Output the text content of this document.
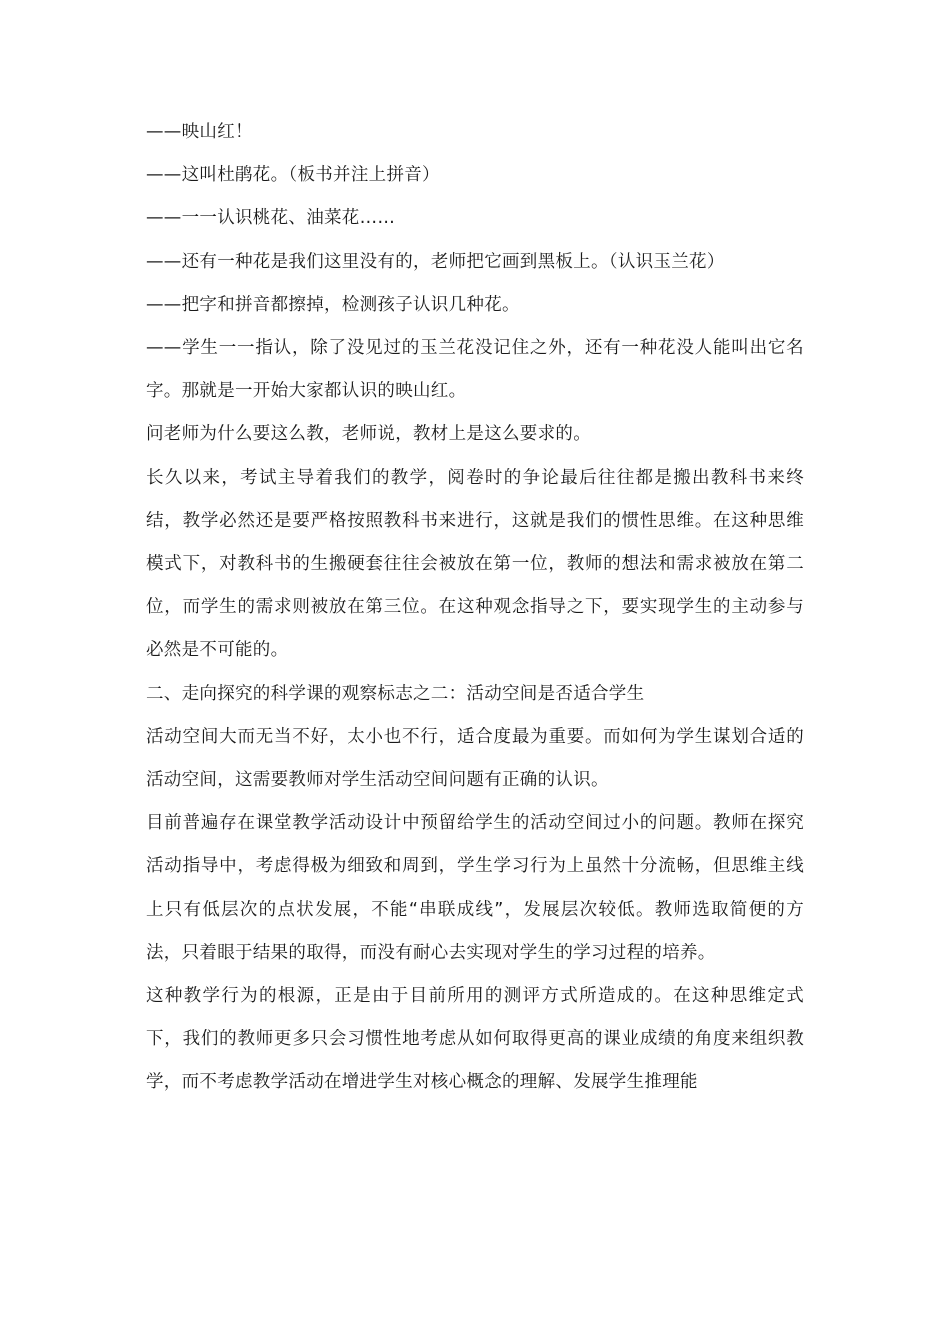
——映山红！

——这叫杜鹃花。（板书并注上拼音）

——一一认识桃花、油菜花……

——还有一种花是我们这里没有的，老师把它画到黑板上。（认识玉兰花）

——把字和拼音都擦掉，检测孩子认识几种花。

——学生一一指认，除了没见过的玉兰花没记住之外，还有一种花没人能叫出它名字。那就是一开始大家都认识的映山红。

问老师为什么要这么教，老师说，教材上是这么要求的。

长久以来，考试主导着我们的教学，阅卷时的争论最后往往都是搬出教科书来终结，教学必然还是要严格按照教科书来进行，这就是我们的惯性思维。在这种思维模式下，对教科书的生搬硬套往往会被放在第一位，教师的想法和需求被放在第二位，而学生的需求则被放在第三位。在这种观念指导之下，要实现学生的主动参与必然是不可能的。

二、走向探究的科学课的观察标志之二：活动空间是否适合学生

活动空间大而无当不好，太小也不行，适合度最为重要。而如何为学生谋划合适的活动空间，这需要教师对学生活动空间问题有正确的认识。

目前普遍存在课堂教学活动设计中预留给学生的活动空间过小的问题。教师在探究活动指导中，考虑得极为细致和周到，学生学习行为上虽然十分流畅，但思维主线上只有低层次的点状发展，不能“串联成线”，发展层次较低。教师选取简便的方法，只着眼于结果的取得，而没有耐心去实现对学生的学习过程的培养。

这种教学行为的根源，正是由于目前所用的测评方式所造成的。在这种思维定式下，我们的教师更多只会习惯性地考虑从如何取得更高的课业成绩的角度来组织教学，而不考虑教学活动在增进学生对核心概念的理解、发展学生推理能
